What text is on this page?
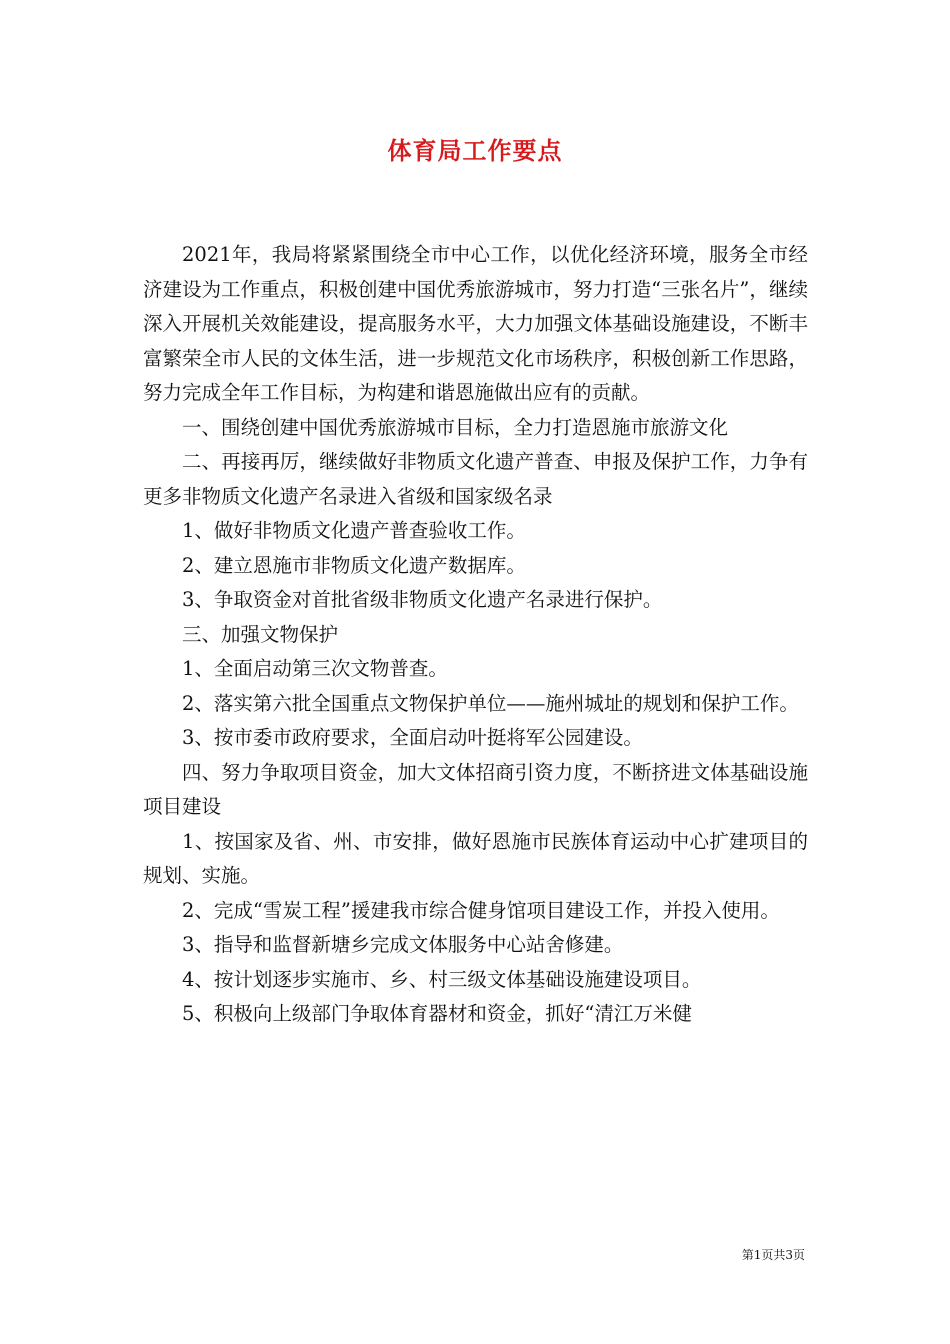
体育局工作要点

2021年，我局将紧紧围绕全市中心工作，以优化经济环境，服务全市经济建设为工作重点，积极创建中国优秀旅游城市，努力打造“三张名片”，继续深入开展机关效能建设，提高服务水平，大力加强文体基础设施建设，不断丰富繁荣全市人民的文体生活，进一步规范文化市场秩序，积极创新工作思路，努力完成全年工作目标，为构建和谐恩施做出应有的贡献。

一、围绕创建中国优秀旅游城市目标，全力打造恩施市旅游文化

二、再接再厉，继续做好非物质文化遗产普查、申报及保护工作，力争有更多非物质文化遗产名录进入省级和国家级名录

1、做好非物质文化遗产普查验收工作。

2、建立恩施市非物质文化遗产数据库。

3、争取资金对首批省级非物质文化遗产名录进行保护。

三、加强文物保护

1、全面启动第三次文物普查。

2、落实第六批全国重点文物保护单位——施州城址的规划和保护工作。

3、按市委市政府要求，全面启动叶挺将军公园建设。

四、努力争取项目资金，加大文体招商引资力度，不断挤进文体基础设施项目建设

1、按国家及省、州、市安排，做好恩施市民族体育运动中心扩建项目的规划、实施。

2、完成“雪炭工程”援建我市综合健身馆项目建设工作，并投入使用。

3、指导和监督新塘乡完成文体服务中心站舍修建。

4、按计划逐步实施市、乡、村三级文体基础设施建设项目。

5、积极向上级部门争取体育器材和资金，抓好“清江万米健

第1页共3页
